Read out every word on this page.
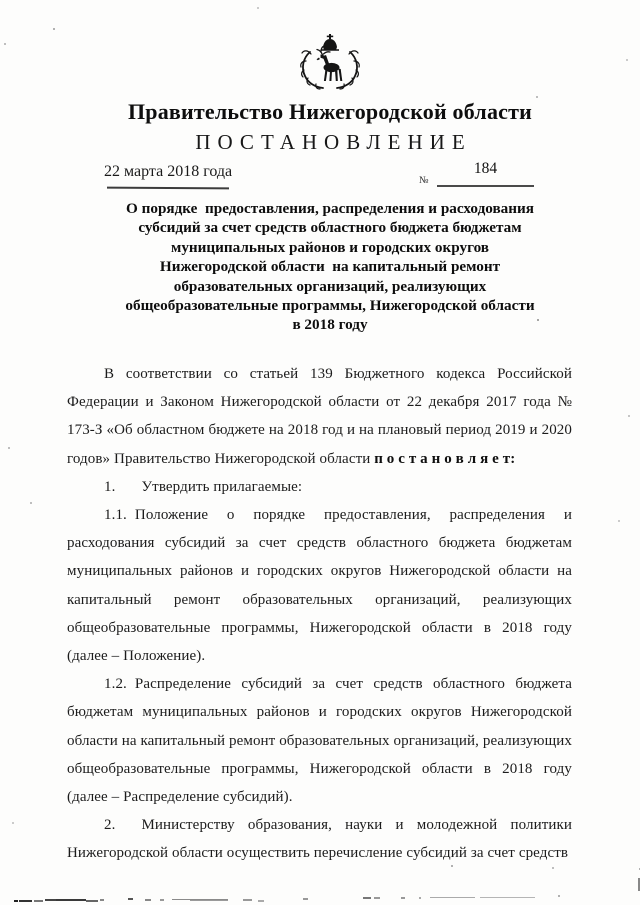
Правительство Нижегородской области
ПОСТАНОВЛЕНИЕ
22 марта 2018 года
№
184
О порядке  предоставления, распределения и расходования
субсидий за счет средств областного бюджета бюджетам
муниципальных районов и городских округов
Нижегородской области  на капитальный ремонт
образовательных организаций, реализующих
общеобразовательные программы, Нижегородской области
в 2018 году

В соответствии со статьей 139 Бюджетного кодекса Российской Федерации и Законом Нижегородской области от 22 декабря 2017 года № 173-З «Об областном бюджете на 2018 год и на плановый период 2019 и 2020 годов» Правительство Нижегородской области п о с т а н о в л я е т:

1. Утвердить прилагаемые:

1.1. Положение о порядке предоставления, распределения и расходования субсидий за счет средств областного бюджета бюджетам муниципальных районов и городских округов Нижегородской области на капитальный ремонт образовательных организаций, реализующих общеобразовательные программы, Нижегородской области в 2018 году (далее – Положение).

1.2. Распределение субсидий за счет средств областного бюджета бюджетам муниципальных районов и городских округов Нижегородской области на капитальный ремонт образовательных организаций, реализующих общеобразовательные программы, Нижегородской области в 2018 году (далее – Распределение субсидий).

2. Министерству образования, науки и молодежной политики Нижегородской области осуществить перечисление субсидий за счет средств
